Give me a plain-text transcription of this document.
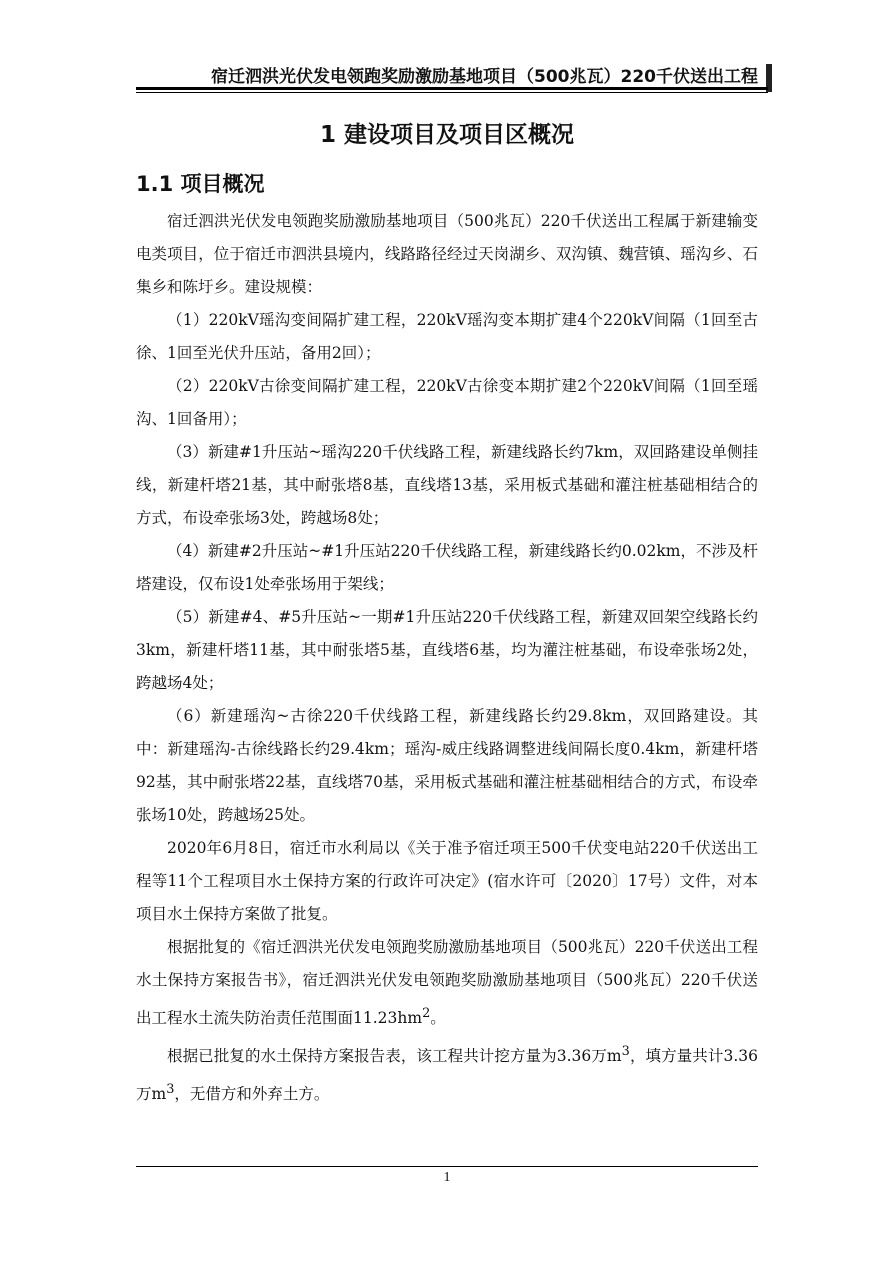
宿迁泗洪光伏发电领跑奖励激励基地项目（500兆瓦）220千伏送出工程
1 建设项目及项目区概况
1.1 项目概况

宿迁泗洪光伏发电领跑奖励激励基地项目（500兆瓦）220千伏送出工程属于新建输变电类项目，位于宿迁市泗洪县境内，线路路径经过天岗湖乡、双沟镇、魏营镇、瑶沟乡、石集乡和陈圩乡。建设规模：

（1）220kV瑶沟变间隔扩建工程，220kV瑶沟变本期扩建4个220kV间隔（1回至古徐、1回至光伏升压站，备用2回）；

（2）220kV古徐变间隔扩建工程，220kV古徐变本期扩建2个220kV间隔（1回至瑶沟、1回备用）；

（3）新建#1升压站~瑶沟220千伏线路工程，新建线路长约7km，双回路建设单侧挂线，新建杆塔21基，其中耐张塔8基，直线塔13基，采用板式基础和灌注桩基础相结合的方式，布设牵张场3处，跨越场8处；

（4）新建#2升压站~#1升压站220千伏线路工程，新建线路长约0.02km，不涉及杆塔建设，仅布设1处牵张场用于架线；

（5）新建#4、#5升压站~一期#1升压站220千伏线路工程，新建双回架空线路长约3km，新建杆塔11基，其中耐张塔5基，直线塔6基，均为灌注桩基础，布设牵张场2处，跨越场4处；

（6）新建瑶沟~古徐220千伏线路工程，新建线路长约29.8km，双回路建设。其中：新建瑶沟-古徐线路长约29.4km；瑶沟-威庄线路调整进线间隔长度0.4km，新建杆塔92基，其中耐张塔22基，直线塔70基，采用板式基础和灌注桩基础相结合的方式，布设牵张场10处，跨越场25处。

2020年6月8日，宿迁市水利局以《关于准予宿迁项王500千伏变电站220千伏送出工程等11个工程项目水土保持方案的行政许可决定》(宿水许可〔2020〕17号）文件，对本项目水土保持方案做了批复。

根据批复的《宿迁泗洪光伏发电领跑奖励激励基地项目（500兆瓦）220千伏送出工程水土保持方案报告书》，宿迁泗洪光伏发电领跑奖励激励基地项目（500兆瓦）220千伏送出工程水土流失防治责任范围面$11.23hm^2$。

根据已批复的水土保持方案报告表，该工程共计挖方量为3.36万$m^3$，填方量共计3.36万$m^3$，无借方和外弃土方。

1
